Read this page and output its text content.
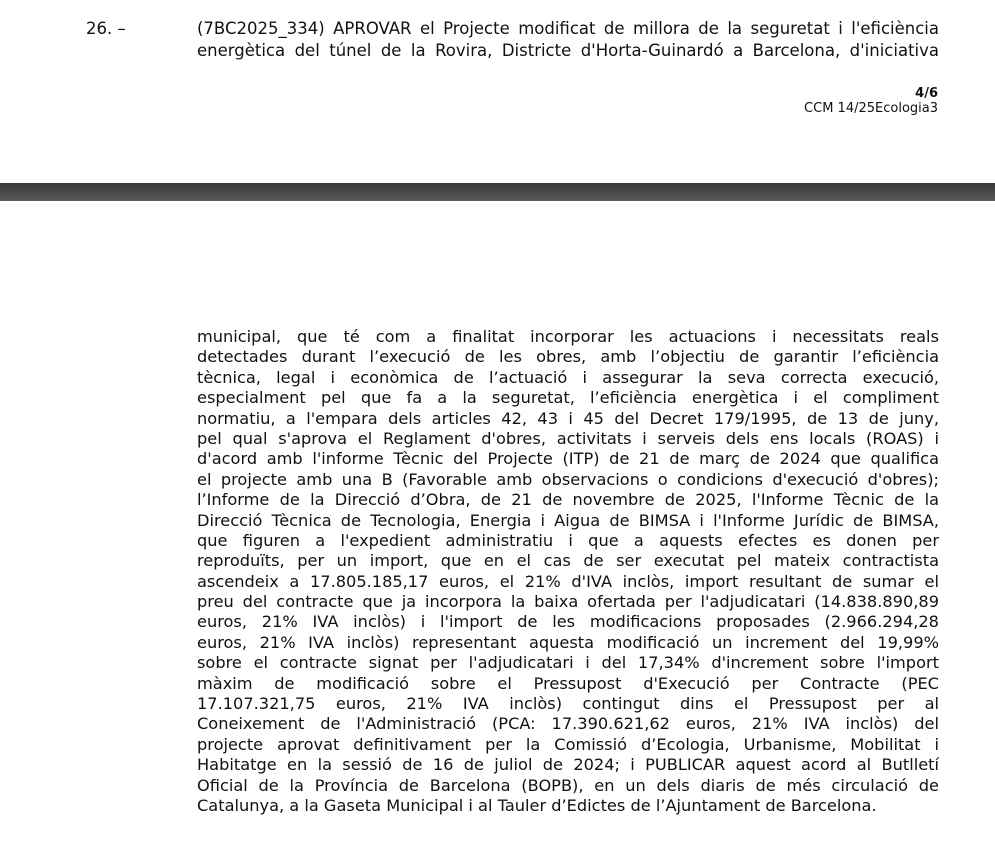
26. –	(7BC2025_334) APROVAR el Projecte modificat de millora de la seguretat i l'eficiència
energètica del túnel de la Rovira, Districte d'Horta-Guinardó a Barcelona, d'iniciativa
4/6
CCM 14/25Ecologia3
municipal, que té com a finalitat incorporar les actuacions i necessitats reals
detectades durant l’execució de les obres, amb l’objectiu de garantir l’eficiència
tècnica, legal i econòmica de l’actuació i assegurar la seva correcta execució,
especialment pel que fa a la seguretat, l’eficiència energètica i el compliment
normatiu, a l'empara dels articles 42, 43 i 45 del Decret 179/1995, de 13 de juny,
pel qual s'aprova el Reglament d'obres, activitats i serveis dels ens locals (ROAS) i
d'acord amb l'informe Tècnic del Projecte (ITP) de 21 de març de 2024 que qualifica
el projecte amb una B (Favorable amb observacions o condicions d'execució d'obres);
l’Informe de la Direcció d’Obra, de 21 de novembre de 2025, l'Informe Tècnic de la
Direcció Tècnica de Tecnologia, Energia i Aigua de BIMSA i l'Informe Jurídic de BIMSA,
que figuren a l'expedient administratiu i que a aquests efectes es donen per
reproduïts, per un import, que en el cas de ser executat pel mateix contractista
ascendeix a 17.805.185,17 euros, el 21% d'IVA inclòs, import resultant de sumar el
preu del contracte que ja incorpora la baixa ofertada per l'adjudicatari (14.838.890,89
euros, 21% IVA inclòs) i l'import de les modificacions proposades (2.966.294,28
euros, 21% IVA inclòs) representant aquesta modificació un increment del 19,99%
sobre el contracte signat per l'adjudicatari i del 17,34% d'increment sobre l'import
màxim de modificació sobre el Pressupost d'Execució per Contracte (PEC
17.107.321,75 euros, 21% IVA inclòs) contingut dins el Pressupost per al
Coneixement de l'Administració (PCA: 17.390.621,62 euros, 21% IVA inclòs) del
projecte aprovat definitivament per la Comissió d’Ecologia, Urbanisme, Mobilitat i
Habitatge en la sessió de 16 de juliol de 2024; i PUBLICAR aquest acord al Butlletí
Oficial de la Província de Barcelona (BOPB), en un dels diaris de més circulació de
Catalunya, a la Gaseta Municipal i al Tauler d’Edictes de l’Ajuntament de Barcelona.
